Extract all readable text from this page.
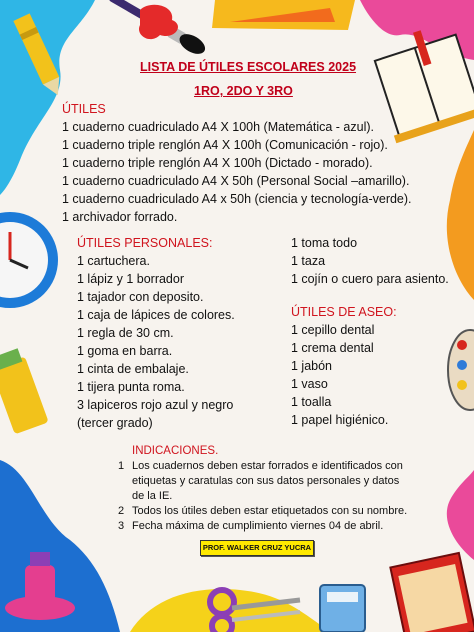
LISTA DE ÚTILES ESCOLARES 2025
1RO, 2DO Y 3RO
ÚTILES
1 cuaderno cuadriculado A4 X 100h (Matemática - azul).
1 cuaderno triple renglón A4 X 100h (Comunicación - rojo).
1 cuaderno triple renglón A4 X 100h (Dictado - morado).
1 cuaderno cuadriculado A4 X 50h (Personal Social –amarillo).
1 cuaderno cuadriculado A4 x 50h (ciencia y tecnología-verde).
1 archivador forrado.
ÚTILES PERSONALES:
1 cartuchera.
1 lápiz y 1 borrador
1 tajador con deposito.
1 caja de lápices de colores.
1 regla de 30 cm.
1 goma en barra.
1 cinta de embalaje.
1 tijera punta roma.
3 lapiceros rojo azul y negro
(tercer grado)
1 toma todo
1 taza
1 cojín o cuero para asiento.
ÚTILES DE ASEO:
1 cepillo dental
1 crema dental
1 jabón
1 vaso
1 toalla
1 papel higiénico.
INDICACIONES.
1 Los cuadernos deben estar forrados e identificados con
etiquetas y caratulas con sus datos personales y datos
de la IE.
2 Todos los útiles deben estar etiquetados con su nombre.
3 Fecha máxima de cumplimiento viernes 04 de abril.
PROF. WALKER CRUZ YUCRA
